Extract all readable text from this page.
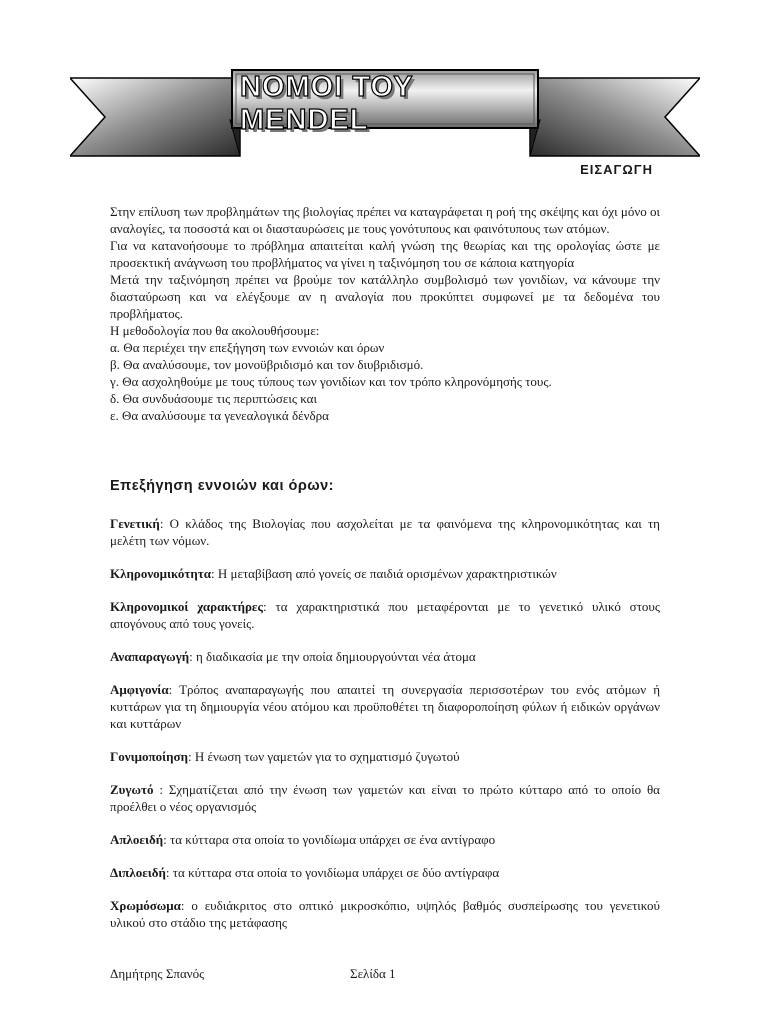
ΝΟΜΟΙ ΤΟΥ MENDEL
ΕΙΣΑΓΩΓΗ

Στην επίλυση των προβλημάτων της βιολογίας πρέπει να καταγράφεται η ροή της σκέψης και όχι μόνο οι αναλογίες, τα ποσοστά και οι διασταυρώσεις με τους γονότυπους και φαινότυπους των ατόμων.

Για να κατανοήσουμε το πρόβλημα απαιτείται καλή γνώση της θεωρίας και της ορολογίας ώστε με προσεκτική ανάγνωση του προβλήματος να γίνει η ταξινόμηση του σε κάποια κατηγορία

Μετά την ταξινόμηση πρέπει να βρούμε τον κατάλληλο συμβολισμό των γονιδίων, να κάνουμε την διασταύρωση και να ελέγξουμε αν η αναλογία που προκύπτει συμφωνεί με τα δεδομένα του προβλήματος.

Η μεθοδολογία που θα ακολουθήσουμε:

α. Θα περιέχει την επεξήγηση των εννοιών και όρων
β. Θα αναλύσουμε, τον μονοϋβριδισμό και τον διυβριδισμό.
γ. Θα ασχοληθούμε με τους τύπους των γονιδίων και τον τρόπο κληρονόμησής τους.
δ. Θα συνδυάσουμε τις περιπτώσεις και
ε. Θα αναλύσουμε τα γενεαλογικά δένδρα
Επεξήγηση εννοιών και όρων:

Γενετική: Ο κλάδος της Βιολογίας που ασχολείται με τα φαινόμενα της κληρονομικότητας και τη μελέτη των νόμων.

Κληρονομικότητα: Η μεταβίβαση από γονείς σε παιδιά ορισμένων χαρακτηριστικών

Κληρονομικοί χαρακτήρες: τα χαρακτηριστικά που μεταφέρονται με το γενετικό υλικό στους απογόνους από τους γονείς.

Αναπαραγωγή: η διαδικασία με την οποία δημιουργούνται νέα άτομα

Αμφιγονία: Τρόπος αναπαραγωγής που απαιτεί τη συνεργασία περισσοτέρων του ενός ατόμων ή κυττάρων για τη δημιουργία νέου ατόμου και προϋποθέτει τη διαφοροποίηση φύλων ή ειδικών οργάνων και κυττάρων

Γονιμοποίηση: Η ένωση των γαμετών για το σχηματισμό ζυγωτού

Ζυγωτό : Σχηματίζεται από την ένωση των γαμετών και είναι το πρώτο κύτταρο από το οποίο θα προέλθει ο νέος οργανισμός

Απλοειδή: τα κύτταρα στα οποία το γονιδίωμα υπάρχει σε ένα αντίγραφο

Διπλοειδή: τα κύτταρα στα οποία το γονιδίωμα υπάρχει σε δύο αντίγραφα

Χρωμόσωμα: ο ευδιάκριτος στο οπτικό μικροσκόπιο, υψηλός βαθμός συσπείρωσης του γενετικού υλικού στο στάδιο της μετάφασης

Δημήτρης Σπανός	Σελίδα 1
